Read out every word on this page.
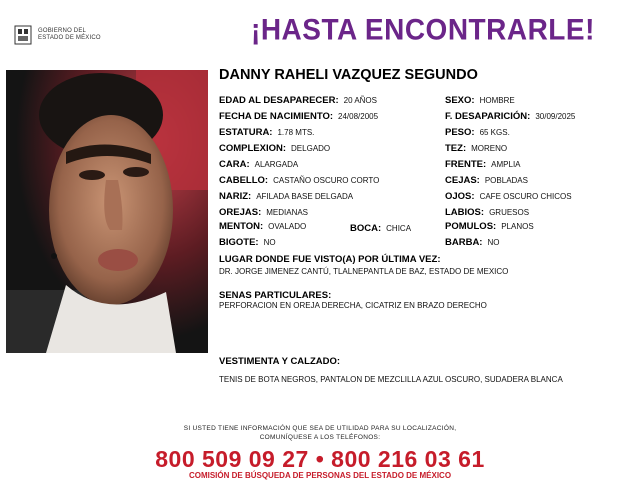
GOBIERNO DEL
ESTADO DE MÉXICO	¡HASTA ENCONTRARLE!
DANNY RAHELI VAZQUEZ SEGUNDO
EDAD AL DESAPARECER: 20 AÑOS	SEXO: HOMBRE
FECHA DE NACIMIENTO: 24/08/2005	F. DESAPARICIÓN: 30/09/2025
ESTATURA: 1.78 MTS.	PESO: 65 KGS.
COMPLEXION: DELGADO	TEZ: MORENO
CARA: ALARGADA	FRENTE: AMPLIA
CABELLO: CASTAÑO OSCURO CORTO	CEJAS: POBLADAS
NARIZ: AFILADA BASE DELGADA	OJOS: CAFE OSCURO CHICOS
OREJAS: MEDIANAS	LABIOS: GRUESOS
MENTON: OVALADO	BOCA: CHICA	POMULOS: PLANOS
BIGOTE: NO	BARBA: NO
LUGAR DONDE FUE VISTO(A) POR ÚLTIMA VEZ:
DR. JORGE JIMENEZ CANTÚ, TLALNEPANTLA DE BAZ, ESTADO DE MEXICO
SENAS PARTICULARES:
PERFORACION EN OREJA DERECHA, CICATRIZ EN BRAZO DERECHO
VESTIMENTA Y CALZADO:
TENIS DE BOTA NEGROS, PANTALON DE MEZCLILLA AZUL OSCURO, SUDADERA BLANCA
SI USTED TIENE INFORMACIÓN QUE SEA DE UTILIDAD PARA SU LOCALIZACIÓN,
COMUNÍQUESE A LOS TELÉFONOS:
800 509 09 27 • 800 216 03 61
COMISIÓN DE BÚSQUEDA DE PERSONAS DEL ESTADO DE MÉXICO
